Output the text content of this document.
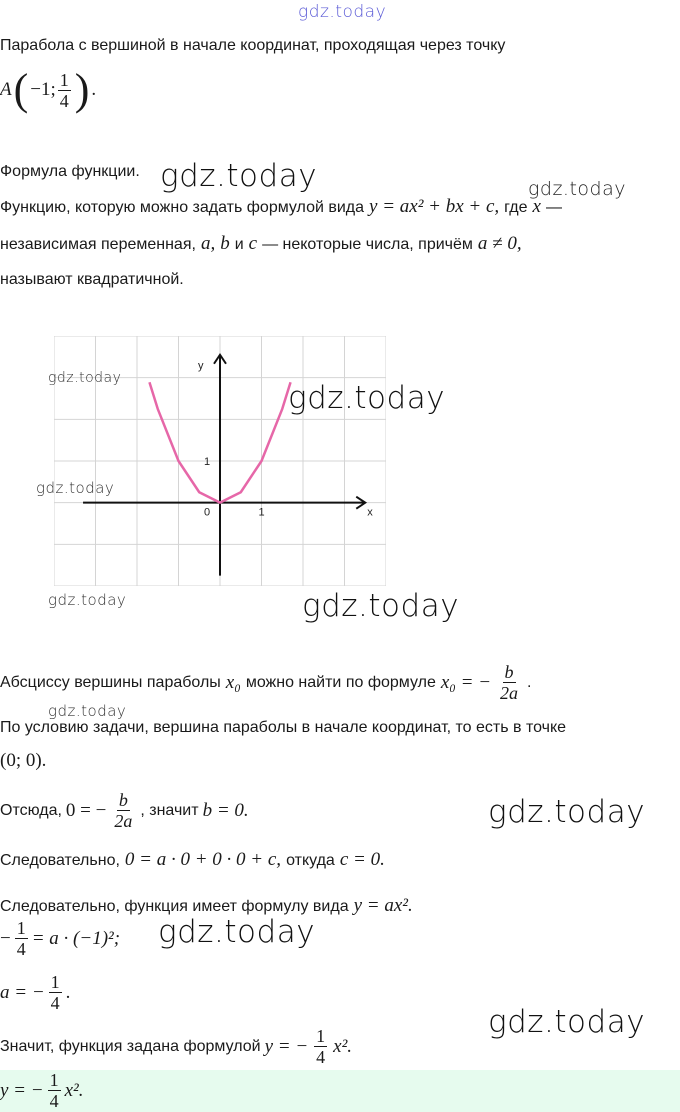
gdz.today
Парабола с вершиной в начале координат, проходящая через точку
A ( −1; $\frac{1}{4}$ ) .
Формула функции. gdz.today	gdz.today
Функцию, которую можно задать формулой вида y = ax² + bx + c, где x —
независимая переменная, a, b и c — некоторые числа, причём a ≠ 0,
называют квадратичной.
y
x
0	1
1
gdz.today
gdz.today
gdz.today
gdz.today	gdz.today
Абсциссу вершины параболы x₀ можно найти по формуле x₀ = − $\frac{b}{2a}$ .
gdz.today
По условию задачи, вершина параболы в начале координат, то есть в точке
(0; 0).
Отсюда, 0 = − $\frac{b}{2a}$ , значит b = 0.	gdz.today
Следовательно, 0 = a · 0 + 0 · 0 + c, откуда c = 0.
Следовательно, функция имеет формулу вида y = ax².
− $\frac{1}{4} = a \cdot (-1)^2$; gdz.today
a = − $\frac{1}{4}$ .
gdz.today
Значит, функция задана формулой y = − $\frac{1}{4} x^2$.
y = − $\frac{1}{4} x^2$.
